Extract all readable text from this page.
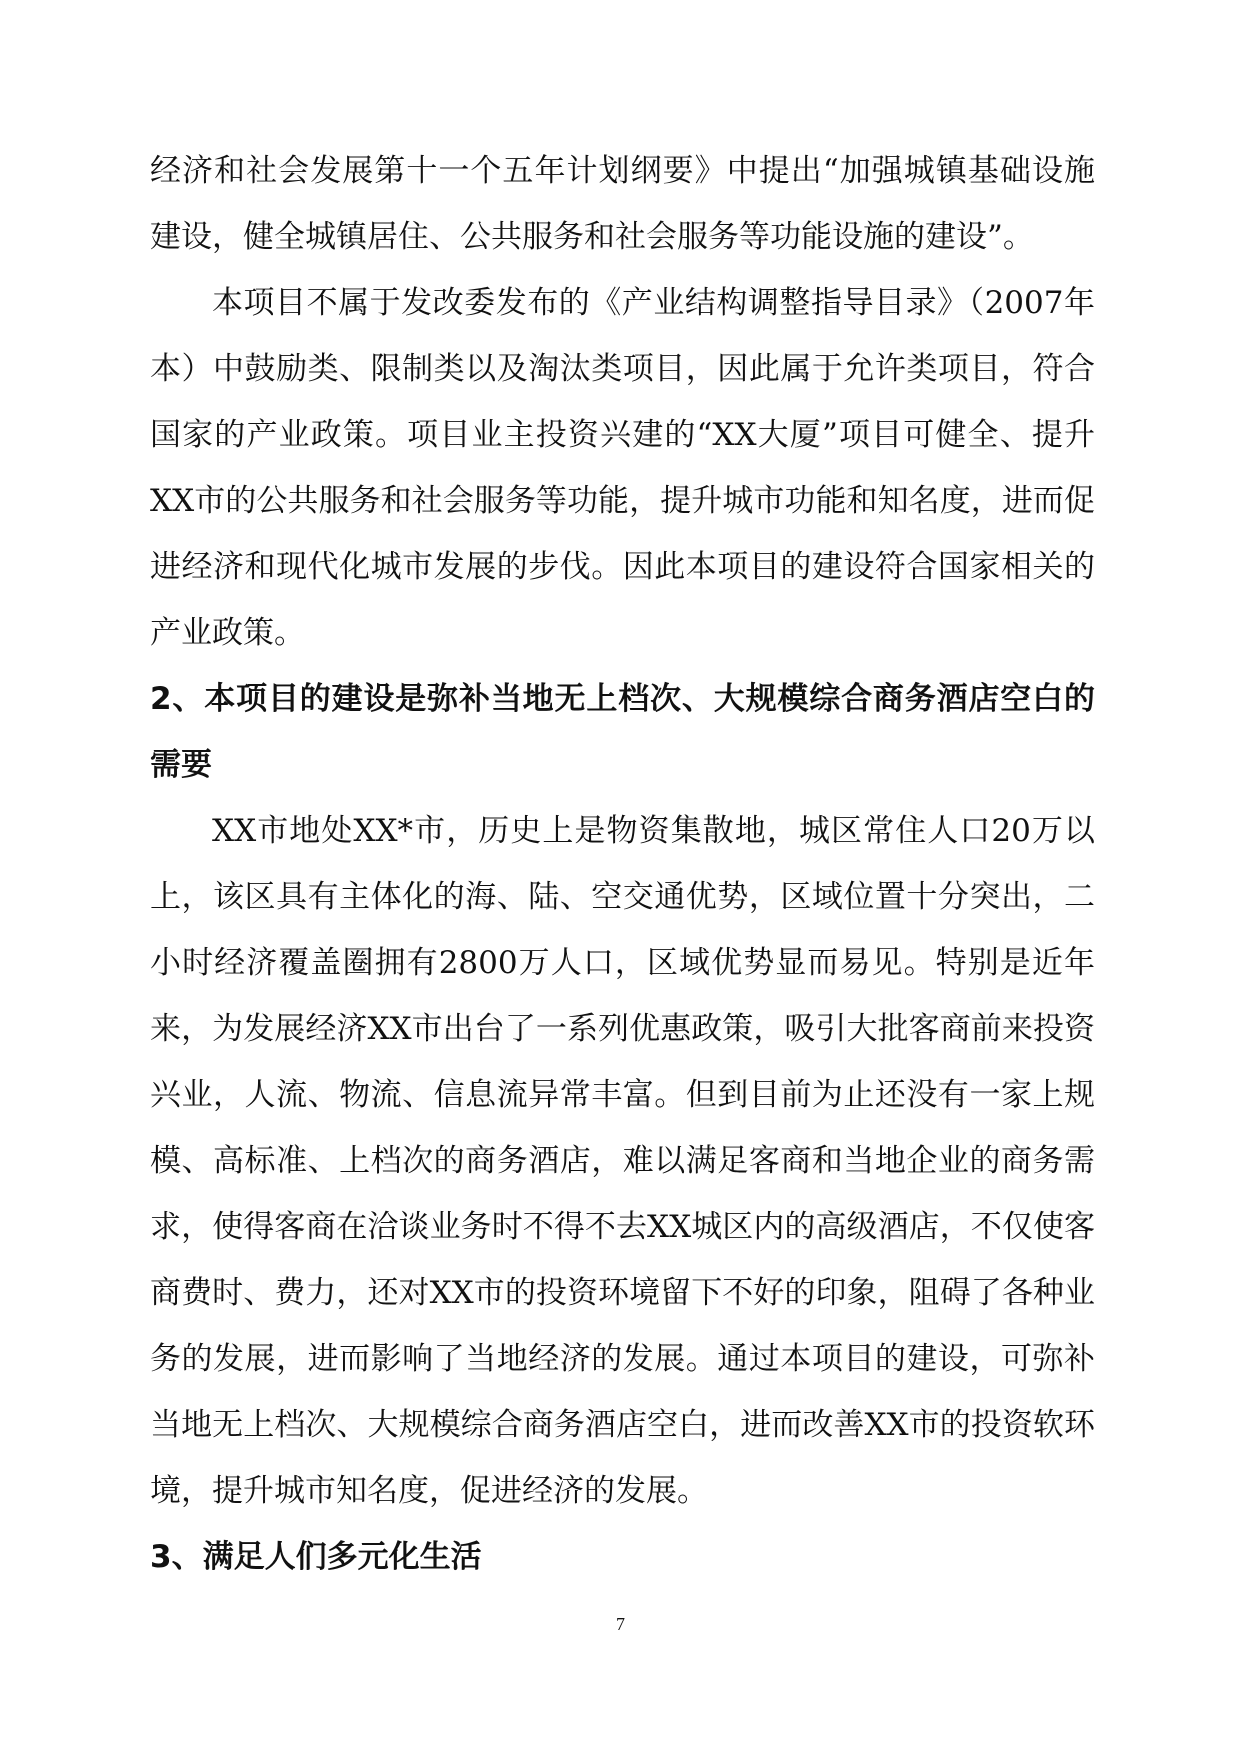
经济和社会发展第十一个五年计划纲要》中提出“加强城镇基础设施建设，健全城镇居住、公共服务和社会服务等功能设施的建设”。

本项目不属于发改委发布的《产业结构调整指导目录》（2007年本）中鼓励类、限制类以及淘汰类项目，因此属于允许类项目，符合国家的产业政策。项目业主投资兴建的“XX大厦”项目可健全、提升XX市的公共服务和社会服务等功能，提升城市功能和知名度，进而促进经济和现代化城市发展的步伐。因此本项目的建设符合国家相关的产业政策。

2、本项目的建设是弥补当地无上档次、大规模综合商务酒店空白的需要

XX市地处XX*市，历史上是物资集散地，城区常住人口20万以上，该区具有主体化的海、陆、空交通优势，区域位置十分突出，二小时经济覆盖圈拥有2800万人口，区域优势显而易见。特别是近年来，为发展经济XX市出台了一系列优惠政策，吸引大批客商前来投资兴业，人流、物流、信息流异常丰富。但到目前为止还没有一家上规模、高标准、上档次的商务酒店，难以满足客商和当地企业的商务需求，使得客商在洽谈业务时不得不去XX城区内的高级酒店，不仅使客商费时、费力，还对XX市的投资环境留下不好的印象，阻碍了各种业务的发展，进而影响了当地经济的发展。通过本项目的建设，可弥补当地无上档次、大规模综合商务酒店空白，进而改善XX市的投资软环境，提升城市知名度，促进经济的发展。

3、满足人们多元化生活

7
